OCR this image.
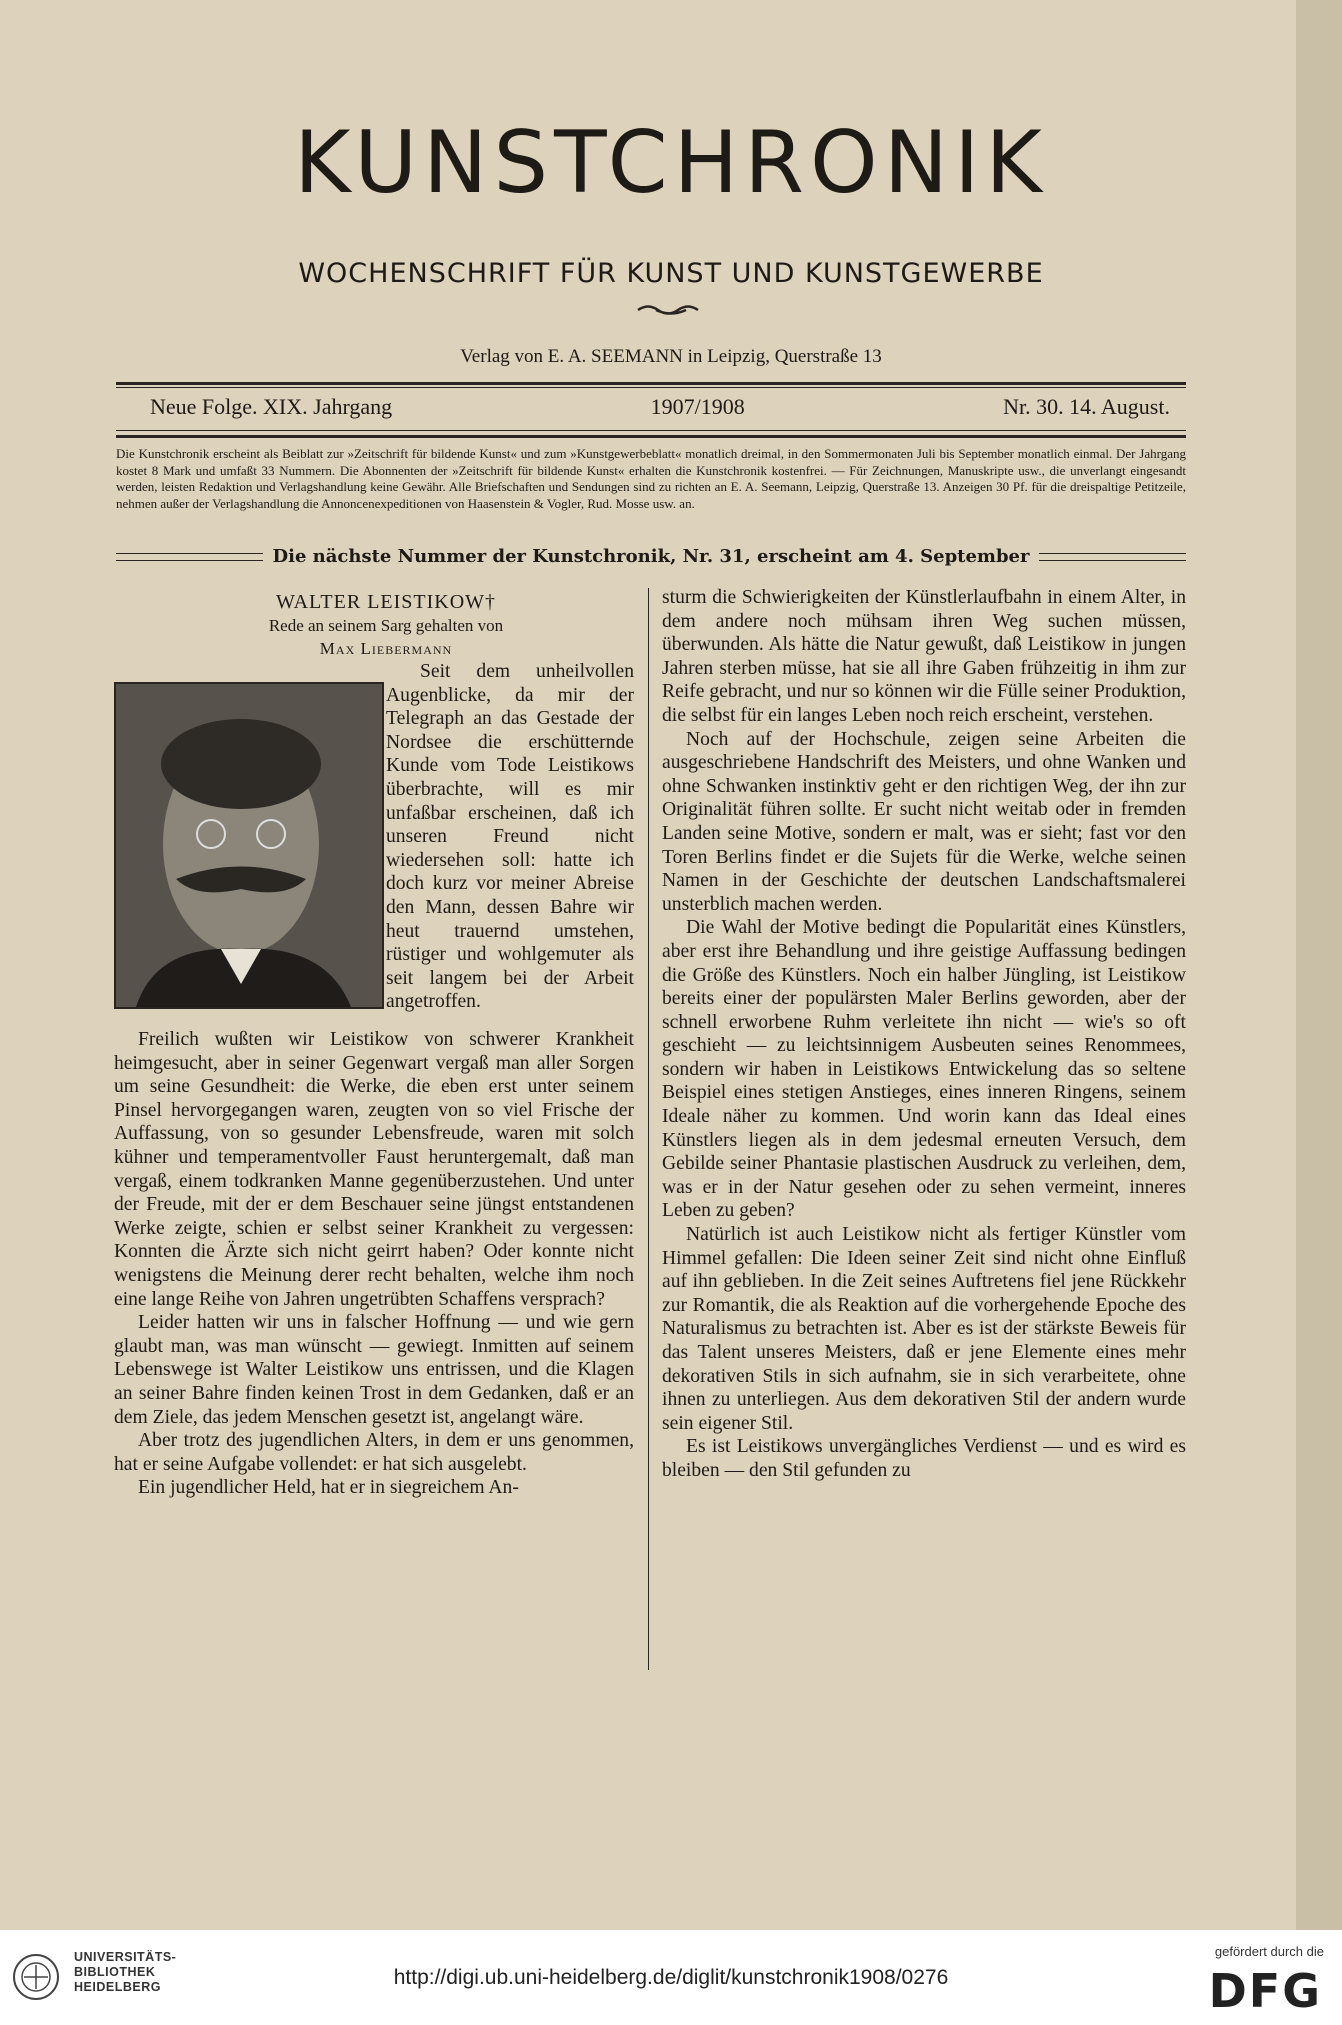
KUNSTCHRONIK
WOCHENSCHRIFT FÜR KUNST UND KUNSTGEWERBE
Verlag von E. A. SEEMANN in Leipzig, Querstraße 13
Neue Folge. XIX. Jahrgang	1907/1908	Nr. 30. 14. August.
Die Kunstchronik erscheint als Beiblatt zur »Zeitschrift für bildende Kunst« und zum »Kunstgewerbeblatt« monatlich dreimal, in den Sommermonaten Juli bis September monatlich einmal. Der Jahrgang kostet 8 Mark und umfaßt 33 Nummern. Die Abonnenten der »Zeitschrift für bildende Kunst« erhalten die Kunstchronik kostenfrei. — Für Zeichnungen, Manuskripte usw., die unverlangt eingesandt werden, leisten Redaktion und Verlagshandlung keine Gewähr. Alle Briefschaften und Sendungen sind zu richten an E. A. Seemann, Leipzig, Querstraße 13. Anzeigen 30 Pf. für die dreispaltige Petitzeile, nehmen außer der Verlagshandlung die Annoncenexpeditionen von Haasenstein & Vogler, Rud. Mosse usw. an.
Die nächste Nummer der Kunstchronik, Nr. 31, erscheint am 4. September

WALTER LEISTIKOW†

Rede an seinem Sarg gehalten von

Max Liebermann

Seit dem unheilvollen Augenblicke, da mir der Telegraph an das Gestade der Nordsee die erschütternde Kunde vom Tode Leistikows überbrachte, will es mir unfaßbar erscheinen, daß ich unseren Freund nicht wiedersehen soll: hatte ich doch kurz vor meiner Abreise den Mann, dessen Bahre wir heut trauernd umstehen, rüstiger und wohlgemuter als seit langem bei der Arbeit angetroffen.

Freilich wußten wir Leistikow von schwerer Krankheit heimgesucht, aber in seiner Gegenwart vergaß man aller Sorgen um seine Gesundheit: die Werke, die eben erst unter seinem Pinsel hervorgegangen waren, zeugten von so viel Frische der Auffassung, von so gesunder Lebensfreude, waren mit solch kühner und temperamentvoller Faust heruntergemalt, daß man vergaß, einem todkranken Manne gegenüberzustehen. Und unter der Freude, mit der er dem Beschauer seine jüngst entstandenen Werke zeigte, schien er selbst seiner Krankheit zu vergessen: Konnten die Ärzte sich nicht geirrt haben? Oder konnte nicht wenigstens die Meinung derer recht behalten, welche ihm noch eine lange Reihe von Jahren ungetrübten Schaffens versprach?

Leider hatten wir uns in falscher Hoffnung — und wie gern glaubt man, was man wünscht — gewiegt. Inmitten auf seinem Lebenswege ist Walter Leistikow uns entrissen, und die Klagen an seiner Bahre finden keinen Trost in dem Gedanken, daß er an dem Ziele, das jedem Menschen gesetzt ist, angelangt wäre.

Aber trotz des jugendlichen Alters, in dem er uns genommen, hat er seine Aufgabe vollendet: er hat sich ausgelebt.

Ein jugendlicher Held, hat er in siegreichem An-

sturm die Schwierigkeiten der Künstlerlaufbahn in einem Alter, in dem andere noch mühsam ihren Weg suchen müssen, überwunden. Als hätte die Natur gewußt, daß Leistikow in jungen Jahren sterben müsse, hat sie all ihre Gaben frühzeitig in ihm zur Reife gebracht, und nur so können wir die Fülle seiner Produktion, die selbst für ein langes Leben noch reich erscheint, verstehen.

Noch auf der Hochschule, zeigen seine Arbeiten die ausgeschriebene Handschrift des Meisters, und ohne Wanken und ohne Schwanken instinktiv geht er den richtigen Weg, der ihn zur Originalität führen sollte. Er sucht nicht weitab oder in fremden Landen seine Motive, sondern er malt, was er sieht; fast vor den Toren Berlins findet er die Sujets für die Werke, welche seinen Namen in der Geschichte der deutschen Landschaftsmalerei unsterblich machen werden.

Die Wahl der Motive bedingt die Popularität eines Künstlers, aber erst ihre Behandlung und ihre geistige Auffassung bedingen die Größe des Künstlers. Noch ein halber Jüngling, ist Leistikow bereits einer der populärsten Maler Berlins geworden, aber der schnell erworbene Ruhm verleitete ihn nicht — wie's so oft geschieht — zu leichtsinnigem Ausbeuten seines Renommees, sondern wir haben in Leistikows Entwickelung das so seltene Beispiel eines stetigen Anstieges, eines inneren Ringens, seinem Ideale näher zu kommen. Und worin kann das Ideal eines Künstlers liegen als in dem jedesmal erneuten Versuch, dem Gebilde seiner Phantasie plastischen Ausdruck zu verleihen, dem, was er in der Natur gesehen oder zu sehen vermeint, inneres Leben zu geben?

Natürlich ist auch Leistikow nicht als fertiger Künstler vom Himmel gefallen: Die Ideen seiner Zeit sind nicht ohne Einfluß auf ihn geblieben. In die Zeit seines Auftretens fiel jene Rückkehr zur Romantik, die als Reaktion auf die vorhergehende Epoche des Naturalismus zu betrachten ist. Aber es ist der stärkste Beweis für das Talent unseres Meisters, daß er jene Elemente eines mehr dekorativen Stils in sich aufnahm, sie in sich verarbeitete, ohne ihnen zu unterliegen. Aus dem dekorativen Stil der andern wurde sein eigener Stil.

Es ist Leistikows unvergängliches Verdienst — und es wird es bleiben — den Stil gefunden zu

UNIVERSITÄTS-
BIBLIOTHEK
HEIDELBERG	http://digi.ub.uni-heidelberg.de/diglit/kunstchronik1908/0276
gefördert durch die
DFG
